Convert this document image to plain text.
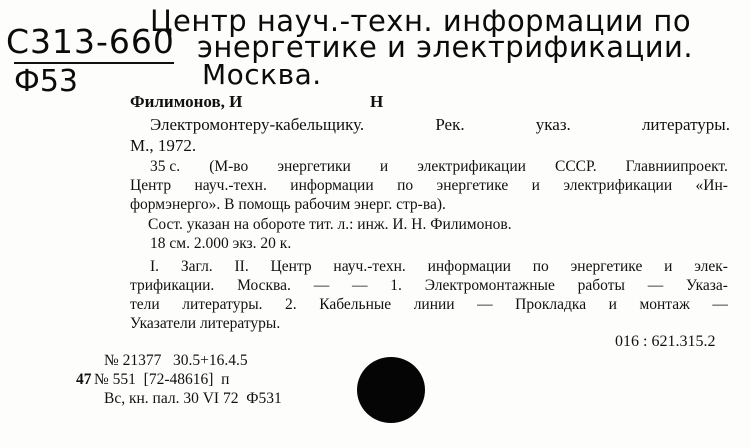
С313-660
Ф53
Центр науч.-техн. информации по
энергетике и электрификации.
Москва.
Филимонов, И	Н
Электромонтеру-кабельщику.	Рек.	указ.	литературы.
М., 1972.
35 с. (М-во энергетики и электрификации СССР. Главниипроект.
Центр науч.-техн. информации по энергетике и электрификации «Ин-
формэнерго». В помощь рабочим энерг. стр-ва).
Сост. указан на обороте тит. л.: инж. И. Н. Филимонов.
18 см. 2.000 экз. 20 к.
I. Загл. II. Центр науч.-техн. информации по энергетике и элек-
трификации. Москва. — — 1. Электромонтажные работы — Указа-
тели литературы. 2. Кабельные линии — Прокладка и монтаж —
Указатели литературы.
016 : 621.315.2
№ 21377   30.5+16.4.5
47 № 551  [72-48616]  п
Вс, кн. пал. 30 VI 72  Ф531
